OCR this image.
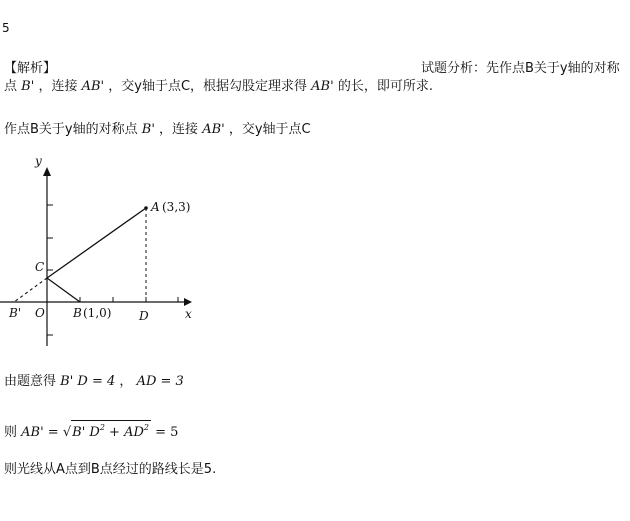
5
【解析】	试题分析：先作点B关于y轴的对称
点 B' ，连接 AB' ，交y轴于点C，根据勾股定理求得 AB' 的长，即可所求.
作点B关于y轴的对称点 B' ，连接 AB' ，交y轴于点C
y
x
A (3,3)
C
O
B'	B (1,0) D
由题意得 B' D = 4 ， AD = 3
则 AB' = √B' $D^2 + AD^2 = 5$
则光线从A点到B点经过的路线长是5.
